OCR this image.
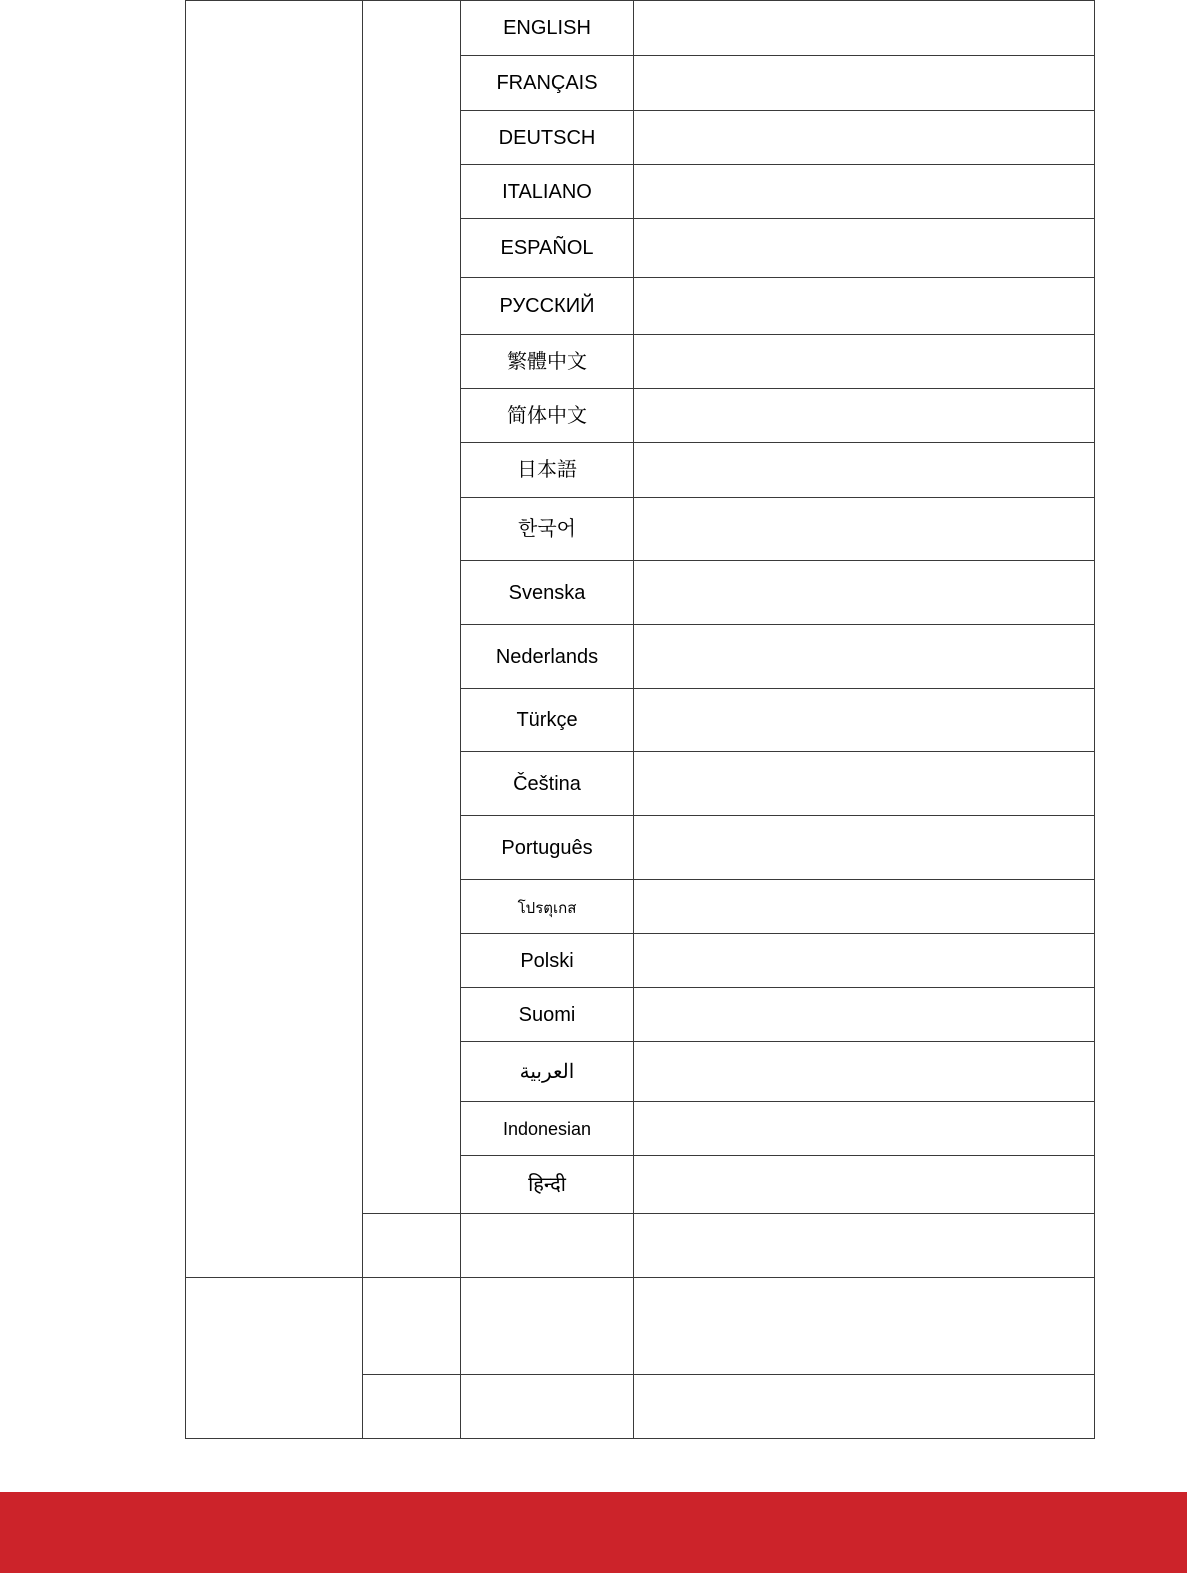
		ENGLISH	
		FRANÇAIS	
		DEUTSCH	
		ITALIANO	
		ESPAÑOL	
		РУССКИЙ	
		繁體中文	
		简体中文	
		日本語	
		한국어	
		Svenska	
		Nederlands	
		Türkçe	
		Čeština	
		Português	
		โปรตุเกส	
		Polski	
		Suomi	
		العربية	
		Indonesian	
		हिन्दी	
